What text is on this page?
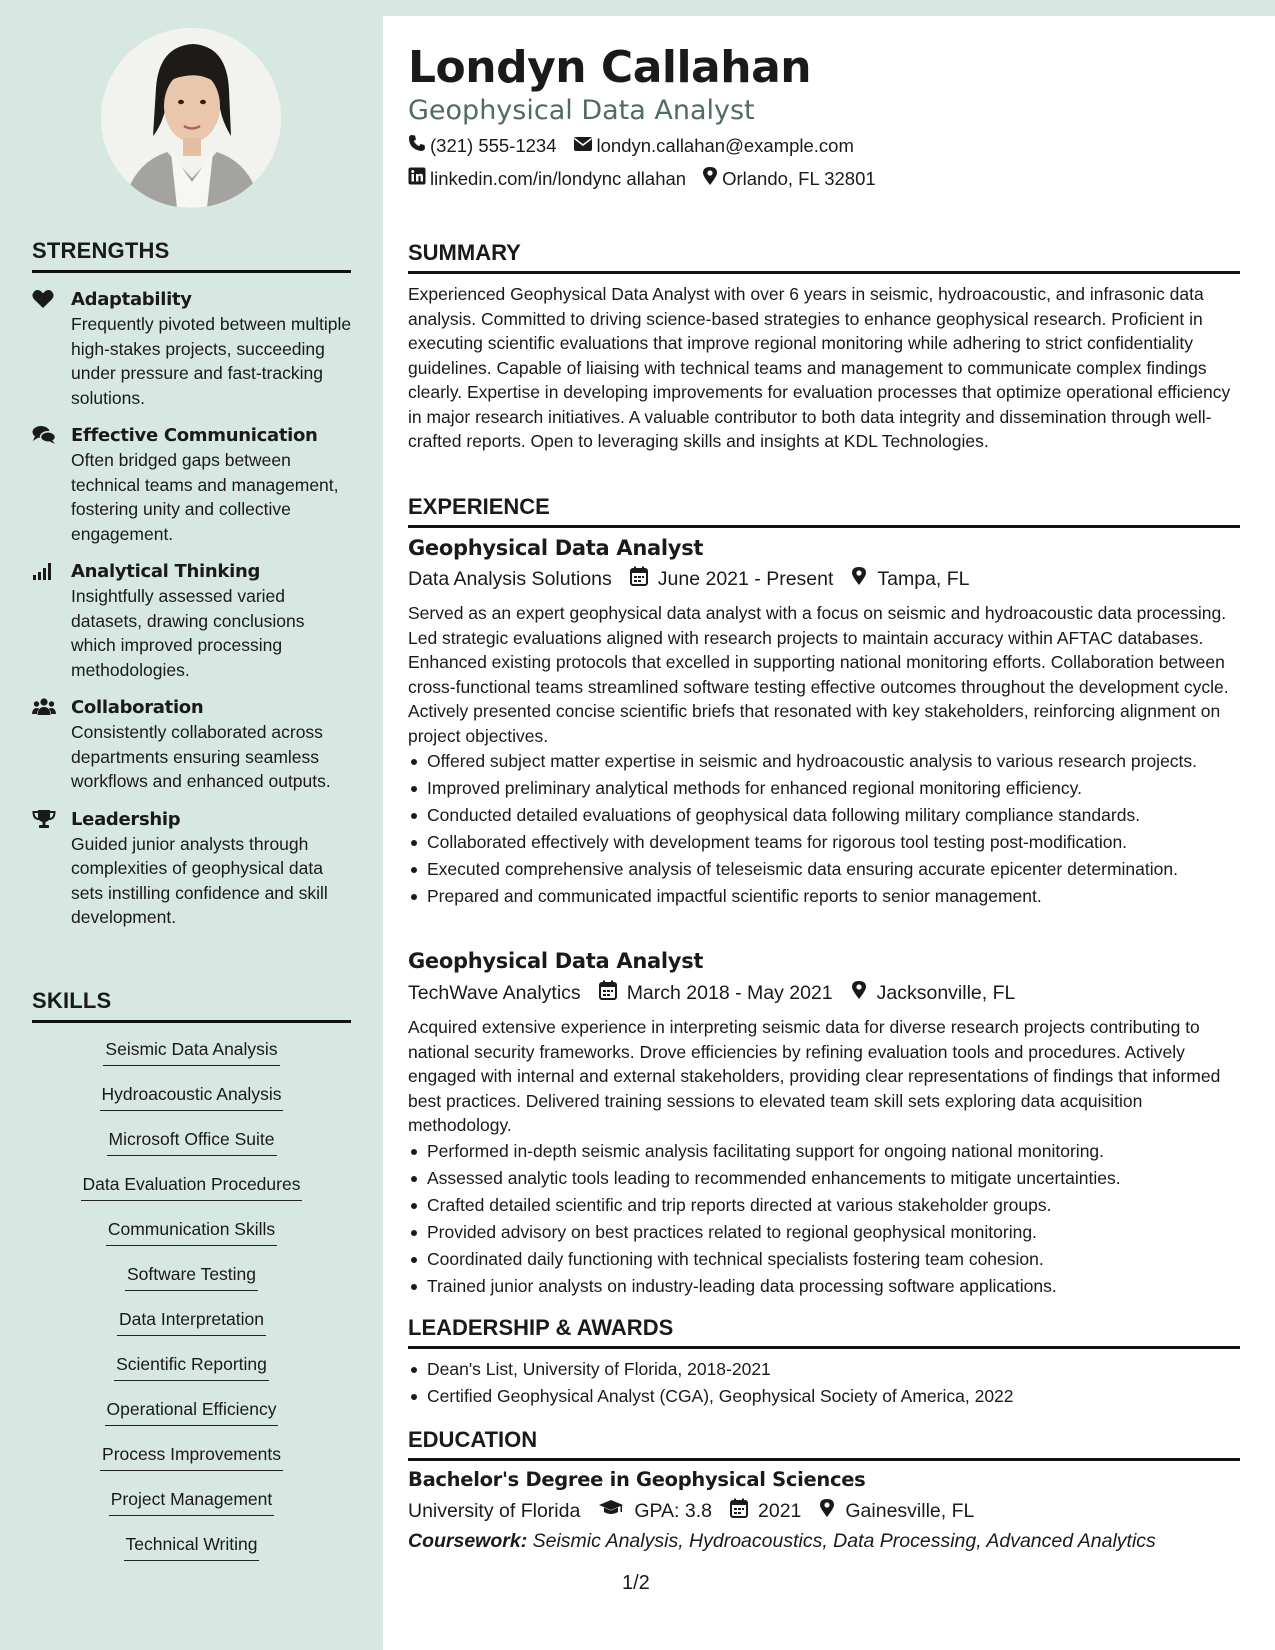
STRENGTHS
Adaptability
Frequently pivoted between multiple high-stakes projects, succeeding under pressure and fast-tracking solutions.
Effective Communication
Often bridged gaps between technical teams and management, fostering unity and collective engagement.
Analytical Thinking
Insightfully assessed varied datasets, drawing conclusions which improved processing methodologies.
Collaboration
Consistently collaborated across departments ensuring seamless workflows and enhanced outputs.
Leadership
Guided junior analysts through complexities of geophysical data sets instilling confidence and skill development.
SKILLS
Seismic Data Analysis
Hydroacoustic Analysis
Microsoft Office Suite
Data Evaluation Procedures
Communication Skills
Software Testing
Data Interpretation
Scientific Reporting
Operational Efficiency
Process Improvements
Project Management
Technical Writing
Londyn Callahan
Geophysical Data Analyst
(321) 555-1234 londyn.callahan@example.com
linkedin.com/in/londync allahan Orlando, FL 32801
SUMMARY
Experienced Geophysical Data Analyst with over 6 years in seismic, hydroacoustic, and infrasonic data analysis. Committed to driving science-based strategies to enhance geophysical research. Proficient in executing scientific evaluations that improve regional monitoring while adhering to strict confidentiality guidelines. Capable of liaising with technical teams and management to communicate complex findings clearly. Expertise in developing improvements for evaluation processes that optimize operational efficiency in major research initiatives. A valuable contributor to both data integrity and dissemination through well-crafted reports. Open to leveraging skills and insights at KDL Technologies.
EXPERIENCE
Geophysical Data Analyst
Data Analysis Solutions June 2021 - Present Tampa, FL
Served as an expert geophysical data analyst with a focus on seismic and hydroacoustic data processing. Led strategic evaluations aligned with research projects to maintain accuracy within AFTAC databases. Enhanced existing protocols that excelled in supporting national monitoring efforts. Collaboration between cross-functional teams streamlined software testing effective outcomes throughout the development cycle. Actively presented concise scientific briefs that resonated with key stakeholders, reinforcing alignment on project objectives.
Offered subject matter expertise in seismic and hydroacoustic analysis to various research projects.
Improved preliminary analytical methods for enhanced regional monitoring efficiency.
Conducted detailed evaluations of geophysical data following military compliance standards.
Collaborated effectively with development teams for rigorous tool testing post-modification.
Executed comprehensive analysis of teleseismic data ensuring accurate epicenter determination.
Prepared and communicated impactful scientific reports to senior management.
Geophysical Data Analyst
TechWave Analytics March 2018 - May 2021 Jacksonville, FL
Acquired extensive experience in interpreting seismic data for diverse research projects contributing to national security frameworks. Drove efficiencies by refining evaluation tools and procedures. Actively engaged with internal and external stakeholders, providing clear representations of findings that informed best practices. Delivered training sessions to elevated team skill sets exploring data acquisition methodology.
Performed in-depth seismic analysis facilitating support for ongoing national monitoring.
Assessed analytic tools leading to recommended enhancements to mitigate uncertainties.
Crafted detailed scientific and trip reports directed at various stakeholder groups.
Provided advisory on best practices related to regional geophysical monitoring.
Coordinated daily functioning with technical specialists fostering team cohesion.
Trained junior analysts on industry-leading data processing software applications.
LEADERSHIP & AWARDS
Dean's List, University of Florida, 2018-2021
Certified Geophysical Analyst (CGA), Geophysical Society of America, 2022
EDUCATION
Bachelor's Degree in Geophysical Sciences
University of Florida	GPA: 3.8 2021 Gainesville, FL
Coursework: Seismic Analysis, Hydroacoustics, Data Processing, Advanced Analytics
1/2
